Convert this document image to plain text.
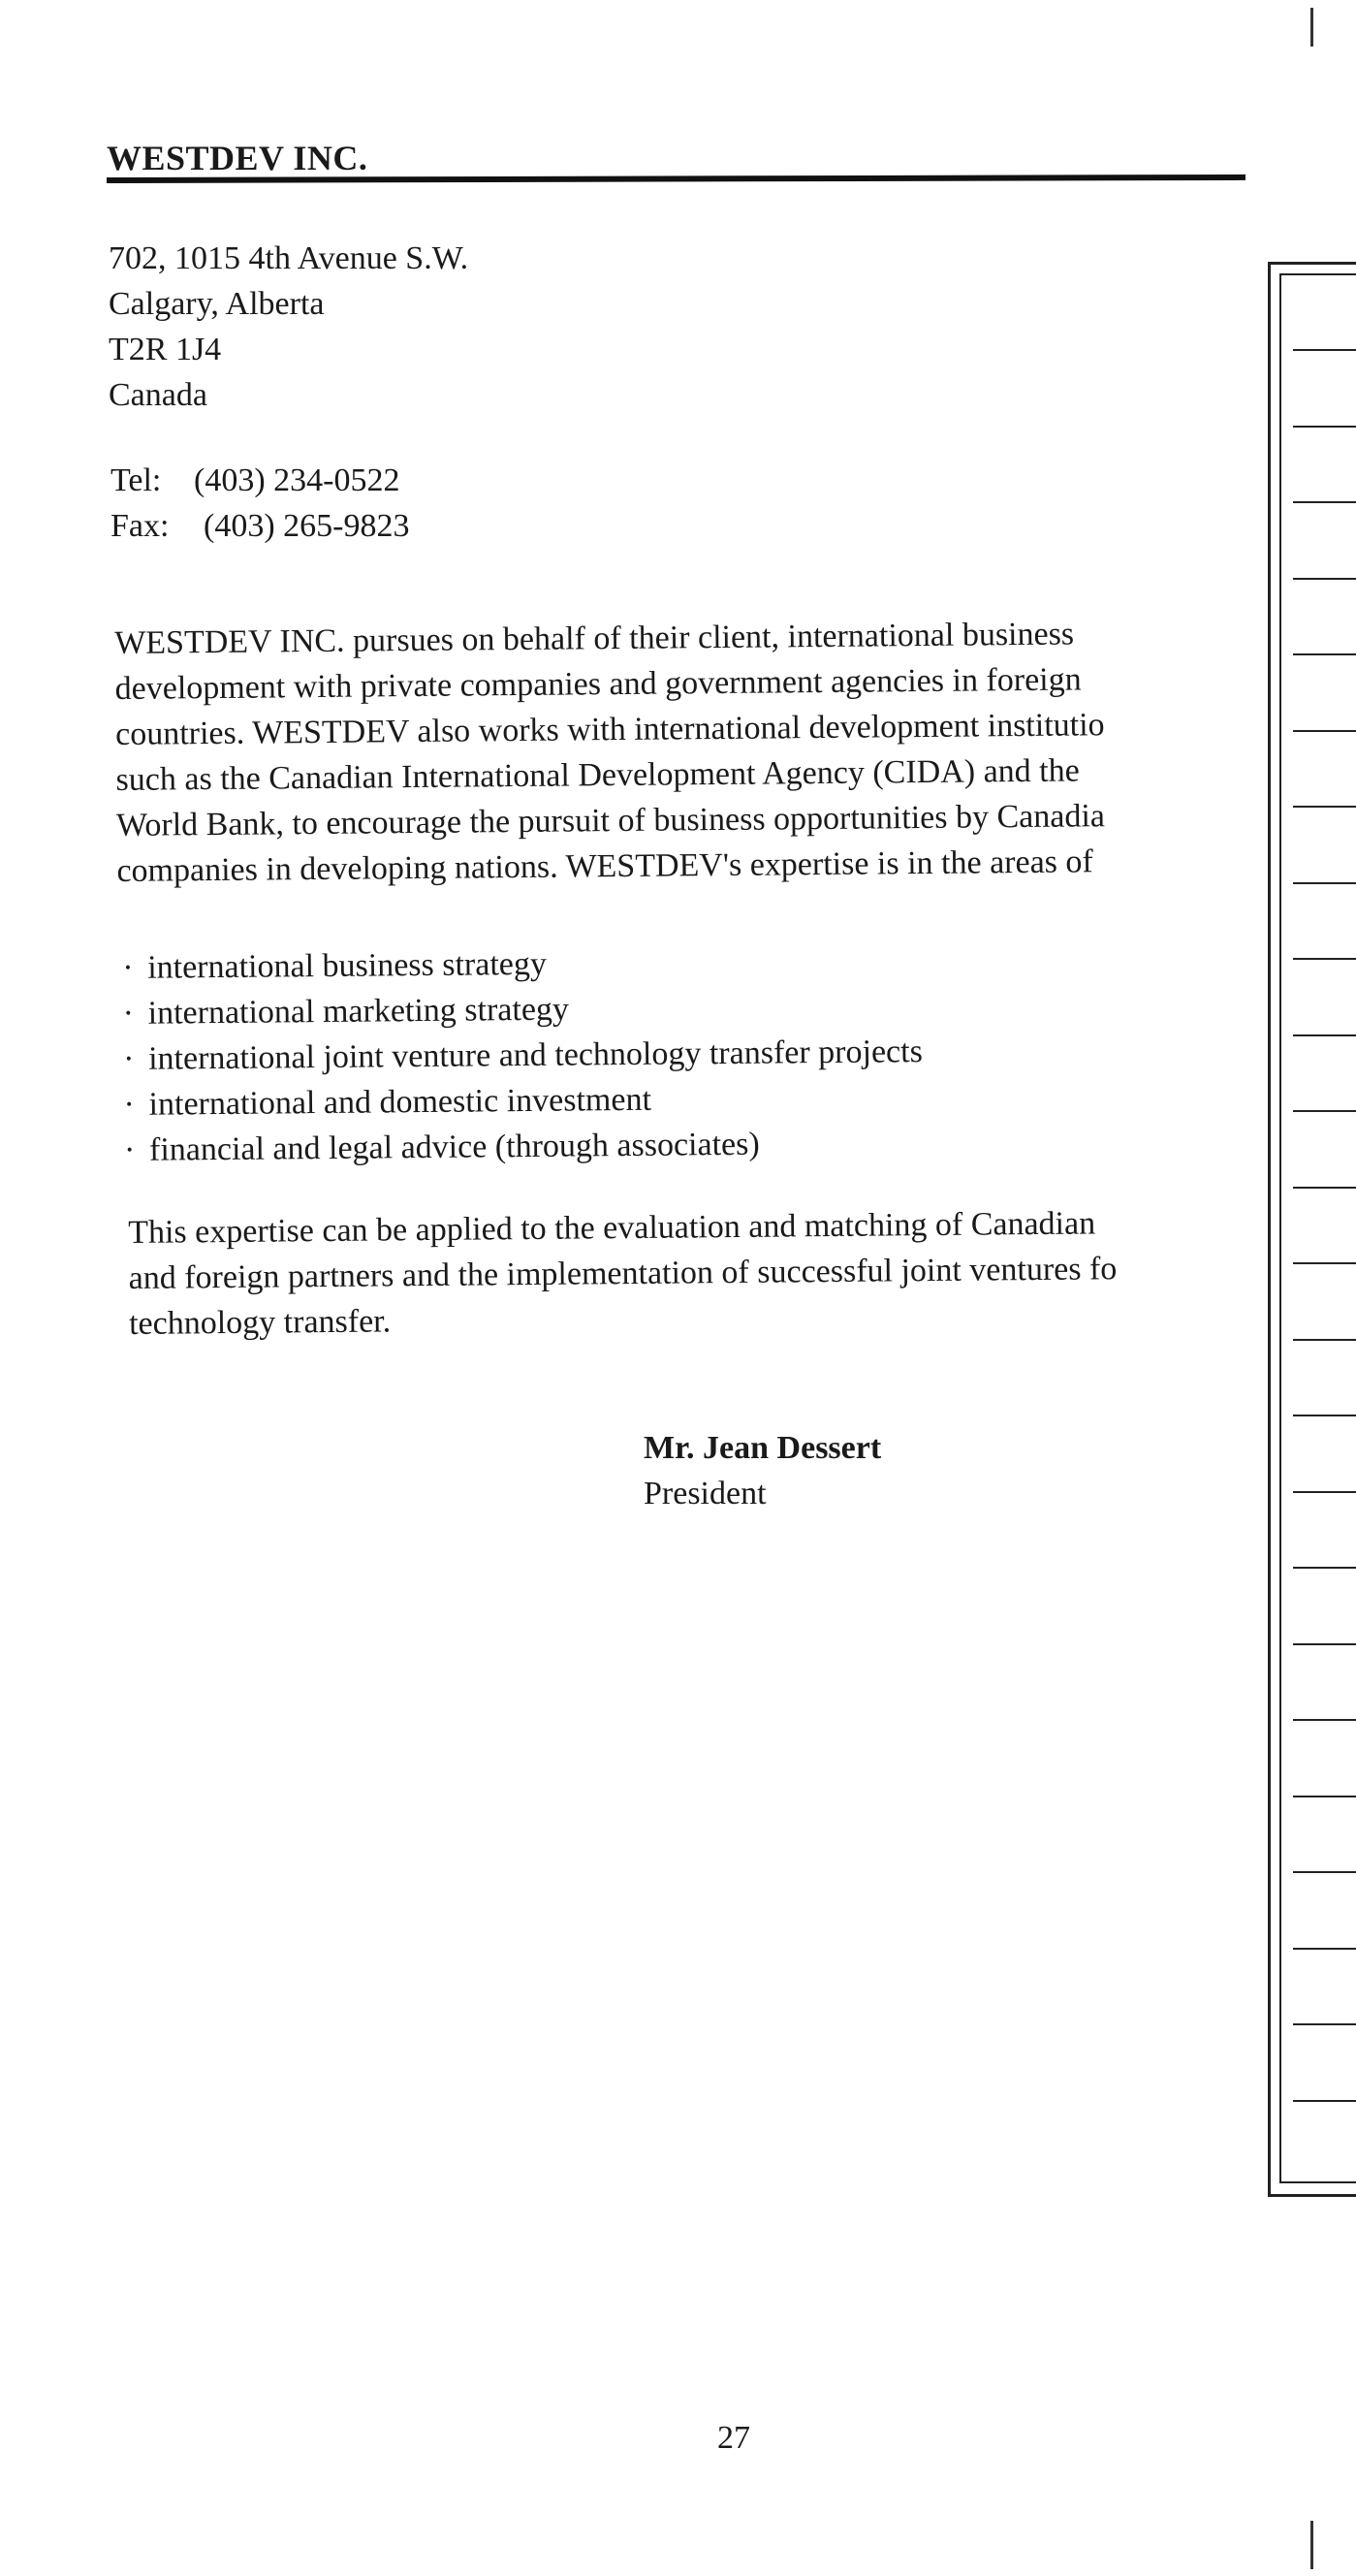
WESTDEV INC.
702, 1015 4th Avenue S.W.
Calgary, Alberta
T2R 1J4
Canada
Tel: (403) 234-0522
Fax: (403) 265-9823
WESTDEV INC. pursues on behalf of their client, international business
development with private companies and government agencies in foreign
countries. WESTDEV also works with international development institutio
such as the Canadian International Development Agency (CIDA) and the
World Bank, to encourage the pursuit of business opportunities by Canadia
companies in developing nations. WESTDEV's expertise is in the areas of
· international business strategy
· international marketing strategy
· international joint venture and technology transfer projects
· international and domestic investment
· financial and legal advice (through associates)
This expertise can be applied to the evaluation and matching of Canadian
and foreign partners and the implementation of successful joint ventures fo
technology transfer.
Mr. Jean Dessert
President
27
